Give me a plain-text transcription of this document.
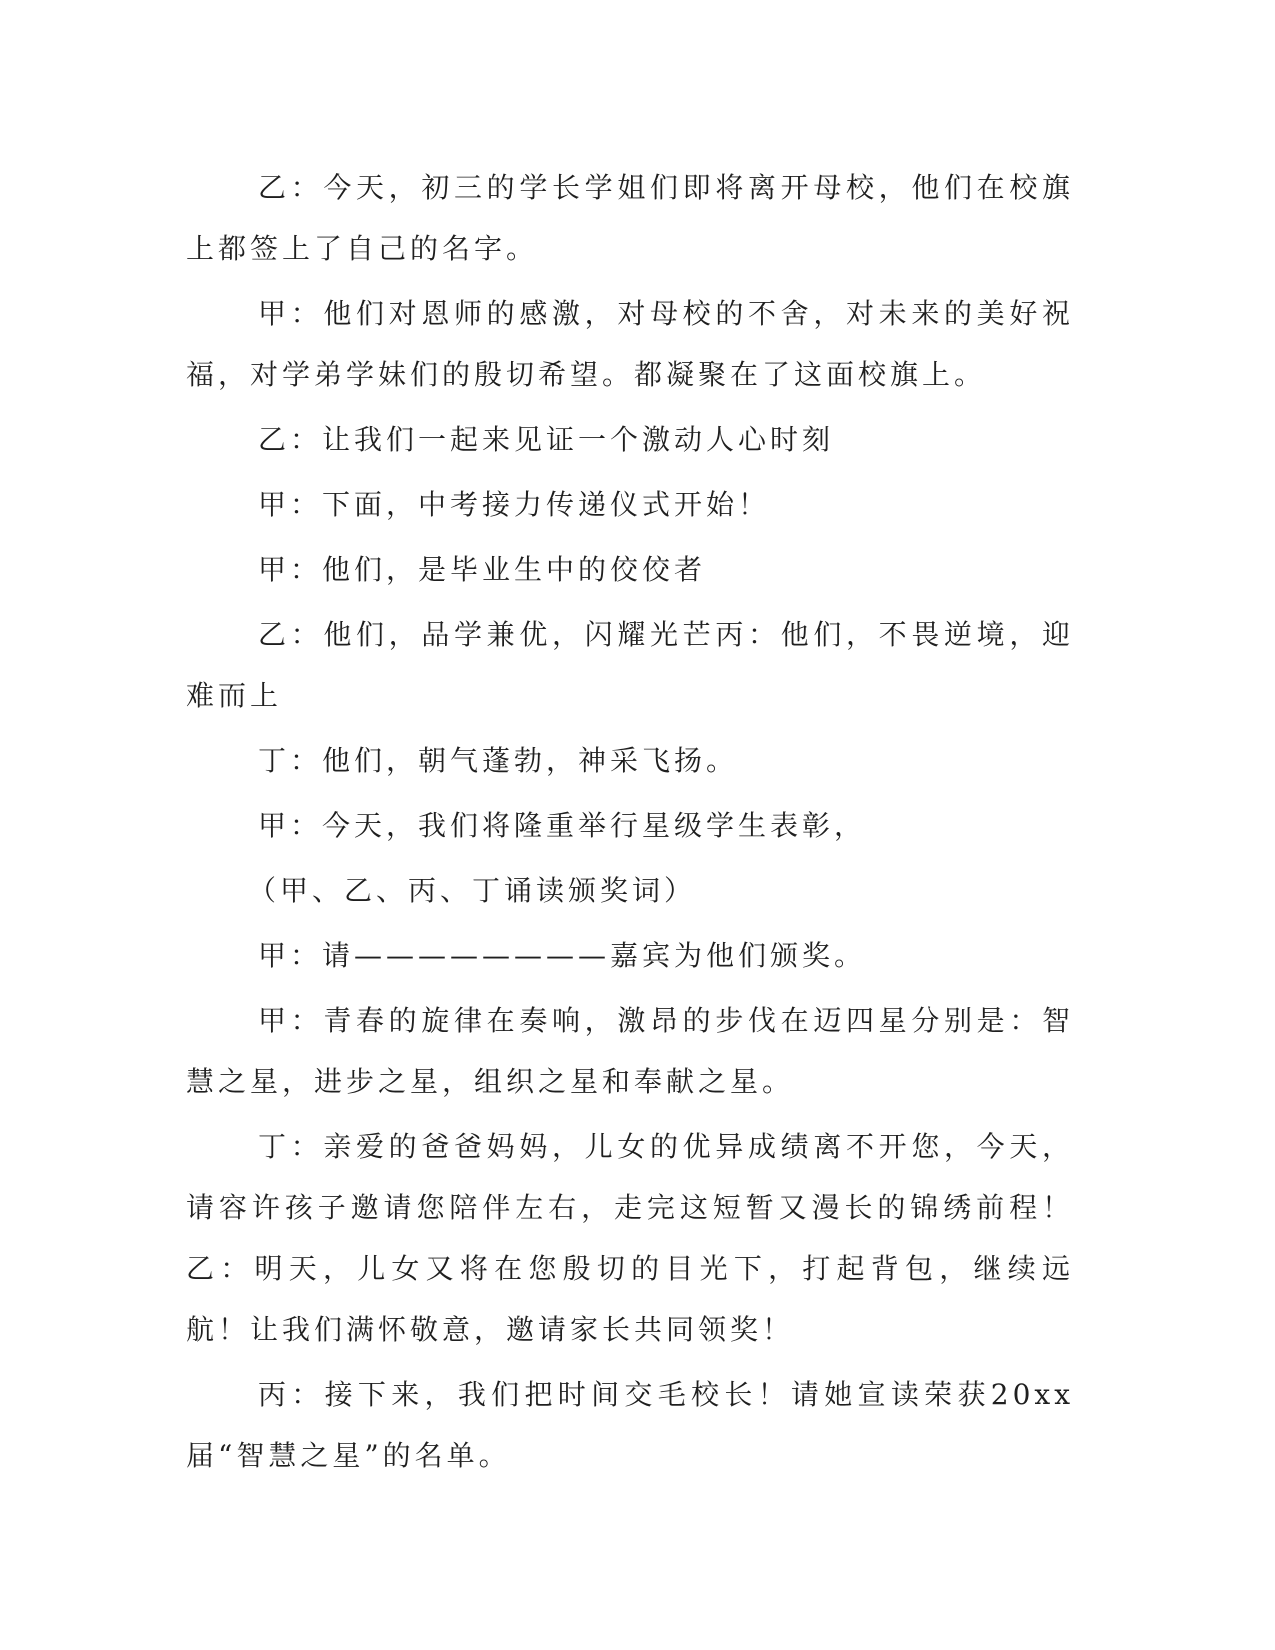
乙：今天，初三的学长学姐们即将离开母校，他们在校旗上都签上了自己的名字。

甲：他们对恩师的感激，对母校的不舍，对未来的美好祝福，对学弟学妹们的殷切希望。都凝聚在了这面校旗上。

乙：让我们一起来见证一个激动人心时刻

甲：下面，中考接力传递仪式开始！

甲：他们，是毕业生中的佼佼者

乙：他们，品学兼优，闪耀光芒丙：他们，不畏逆境，迎难而上

丁：他们，朝气蓬勃，神采飞扬。

甲：今天，我们将隆重举行星级学生表彰，

（甲、乙、丙、丁诵读颁奖词）

甲：请————————嘉宾为他们颁奖。

甲：青春的旋律在奏响，激昂的步伐在迈四星分别是：智慧之星，进步之星，组织之星和奉献之星。

丁：亲爱的爸爸妈妈，儿女的优异成绩离不开您，今天，请容许孩子邀请您陪伴左右，走完这短暂又漫长的锦绣前程！乙：明天，儿女又将在您殷切的目光下，打起背包，继续远航！让我们满怀敬意，邀请家长共同领奖！

丙：接下来，我们把时间交毛校长！请她宣读荣获20xx届“智慧之星”的名单。
